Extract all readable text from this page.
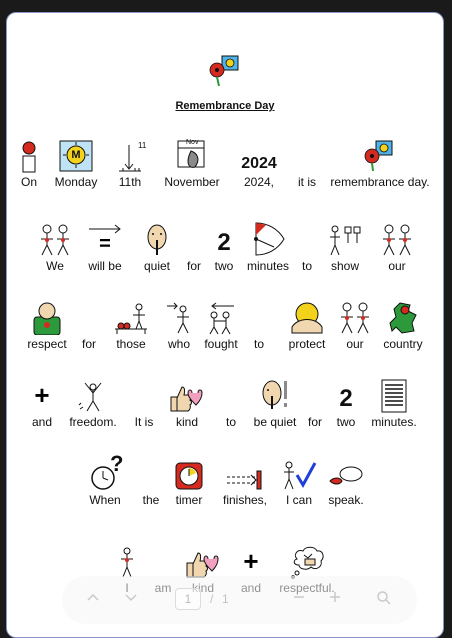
Remembrance Day
On
M
Monday
11
11th
Nov
November
2024
2024,	it is	remembrance day.
We
=
will be	quiet	for
2
two	minutes	to	show	our
respect	for	those	who	fought	to	protect	our	country
+
and	freedom.	It is	kind	to	be quiet for
2
two	minutes.
?
When	the	timer	finishes,	I can	speak.
+
1	/ 1
